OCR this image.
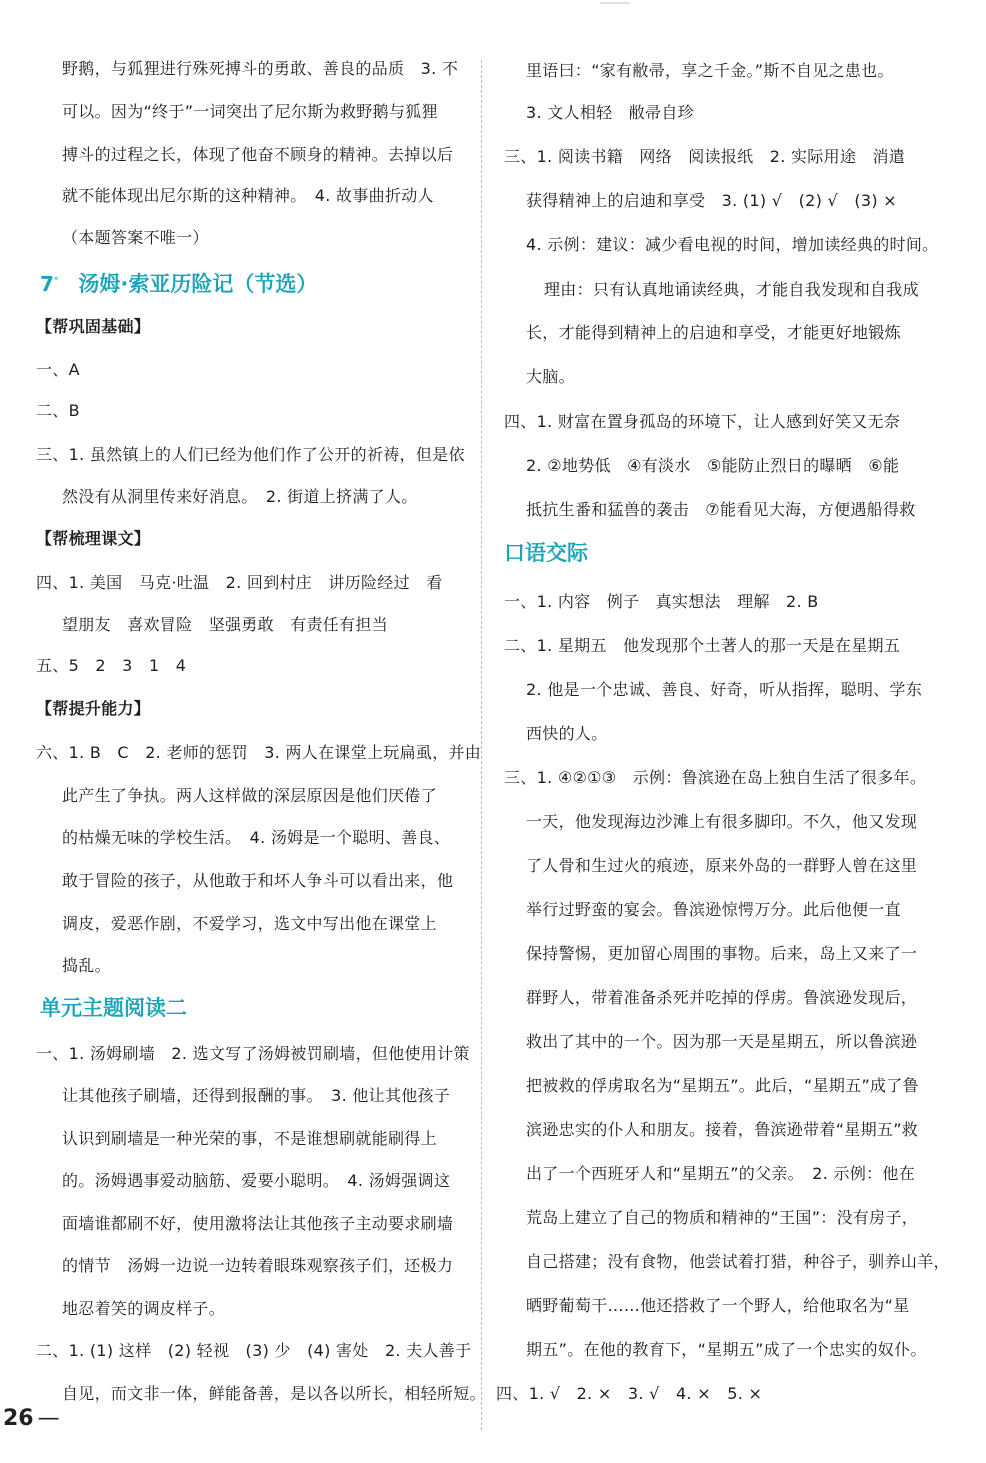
野鹅，与狐狸进行殊死搏斗的勇敢、善良的品质　3. 不
可以。因为“终于”一词突出了尼尔斯为救野鹅与狐狸
搏斗的过程之长，体现了他奋不顾身的精神。去掉以后
就不能体现出尼尔斯的这种精神。　4. 故事曲折动人
（本题答案不唯一）
7° 汤姆·索亚历险记（节选）
【帮巩固基础】
一、A
二、B
三、1. 虽然镇上的人们已经为他们作了公开的祈祷，但是依
然没有从洞里传来好消息。　2. 街道上挤满了人。
【帮梳理课文】
四、1. 美国　马克·吐温　2. 回到村庄　讲历险经过　看
望朋友　喜欢冒险　坚强勇敢　有责任有担当
五、5　2　3　1　4
【帮提升能力】
六、1. B　C　2. 老师的惩罚　3. 两人在课堂上玩扁虱，并由
此产生了争执。两人这样做的深层原因是他们厌倦了
的枯燥无味的学校生活。　4. 汤姆是一个聪明、善良、
敢于冒险的孩子，从他敢于和坏人争斗可以看出来，他
调皮，爱恶作剧，不爱学习，选文中写出他在课堂上
捣乱。
单元主题阅读二
一、1. 汤姆刷墙　2. 选文写了汤姆被罚刷墙，但他使用计策
让其他孩子刷墙，还得到报酬的事。　3. 他让其他孩子
认识到刷墙是一种光荣的事，不是谁想刷就能刷得上
的。汤姆遇事爱动脑筋、爱要小聪明。　4. 汤姆强调这
面墙谁都刷不好，使用激将法让其他孩子主动要求刷墙
的情节　汤姆一边说一边转着眼珠观察孩子们，还极力
地忍着笑的调皮样子。
二、1. (1) 这样　(2) 轻视　(3) 少　(4) 害处　2. 夫人善于
自见，而文非一体，鲜能备善，是以各以所长，相轻所短。
26 —
里语曰：“家有敝帚，享之千金。”斯不自见之患也。
3. 文人相轻　敝帚自珍
三、1. 阅读书籍　网络　阅读报纸　2. 实际用途　消遣
获得精神上的启迪和享受　3. (1) √　(2) √　(3) ×
4. 示例：建议：减少看电视的时间，增加读经典的时间。
理由：只有认真地诵读经典，才能自我发现和自我成
长，才能得到精神上的启迪和享受，才能更好地锻炼
大脑。
四、1. 财富在置身孤岛的环境下，让人感到好笑又无奈
2. ②地势低　④有淡水　⑤能防止烈日的曝晒　⑥能
抵抗生番和猛兽的袭击　⑦能看见大海，方便遇船得救
口语交际
一、1. 内容　例子　真实想法　理解　2. B
二、1. 星期五　他发现那个土著人的那一天是在星期五
2. 他是一个忠诚、善良、好奇，听从指挥，聪明、学东
西快的人。
三、1. ④②①③　示例：鲁滨逊在岛上独自生活了很多年。
一天，他发现海边沙滩上有很多脚印。不久，他又发现
了人骨和生过火的痕迹，原来外岛的一群野人曾在这里
举行过野蛮的宴会。鲁滨逊惊愕万分。此后他便一直
保持警惕，更加留心周围的事物。后来，岛上又来了一
群野人，带着准备杀死并吃掉的俘虏。鲁滨逊发现后，
救出了其中的一个。因为那一天是星期五，所以鲁滨逊
把被救的俘虏取名为“星期五”。此后，“星期五”成了鲁
滨逊忠实的仆人和朋友。接着，鲁滨逊带着“星期五”救
出了一个西班牙人和“星期五”的父亲。　2. 示例：他在
荒岛上建立了自己的物质和精神的“王国”：没有房子，
自己搭建；没有食物，他尝试着打猎，种谷子，驯养山羊，
晒野葡萄干……他还搭救了一个野人，给他取名为“星
期五”。在他的教育下，“星期五”成了一个忠实的奴仆。
四、1. √　2. ×　3. √　4. ×　5. ×
